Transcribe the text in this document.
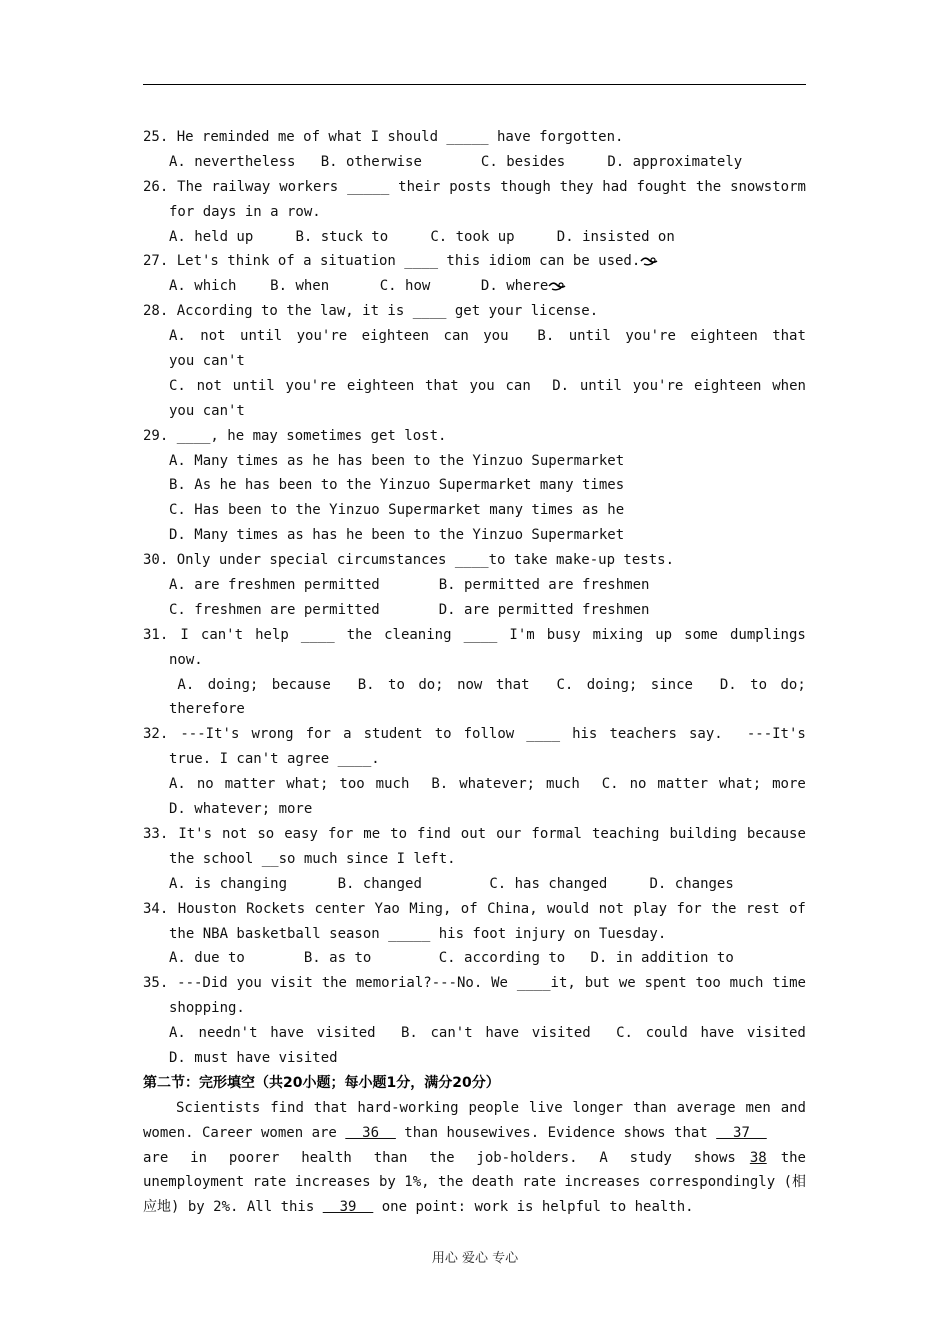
25. He reminded me of what I should _____ have forgotten.
A. nevertheless B. otherwise	C. besides	D. approximately
26. The railway workers _____ their posts though they had fought the snowstorm
for days in a row.
A. held up	B. stuck to	C. took up	D. insisted on
27. Let's think of a situation ____ this idiom can be used.
A. which B. when	C. how	D. where
28. According to the law, it is ____ get your license.
A. not until you're eighteen can you B. until you're eighteen that
you can't
C. not until you're eighteen that you can D. until you're eighteen when
you can't
29. ____, he may sometimes get lost.
A. Many times as he has been to the Yinzuo Supermarket
B. As he has been to the Yinzuo Supermarket many times
C. Has been to the Yinzuo Supermarket many times as he
D. Many times as has he been to the Yinzuo Supermarket
30. Only under special circumstances ____to take make-up tests.
A. are freshmen permitted	B. permitted are freshmen
C. freshmen are permitted	D. are permitted freshmen
31. I can't help ____ the cleaning ____ I'm busy mixing up some dumplings
now.
A. doing; because B. to do; now that C. doing; since D. to do;
therefore
32. ---It's wrong for a student to follow ____ his teachers say. ---It's
true. I can't agree ____.
A. no matter what; too much B. whatever; much C. no matter what; more
D. whatever; more
33. It's not so easy for me to find out our formal teaching building because
the school __so much since I left.
A. is changing	B. changed	C. has changed	D. changes
34. Houston Rockets center Yao Ming, of China, would not play for the rest of
the NBA basketball season _____ his foot injury on Tuesday.
A. due to	B. as to	C. according to D. in addition to
35. ---Did you visit the memorial?---No. We ____it, but we spent too much time
shopping.
A. needn't have visited B. can't have visited C. could have visited
D. must have visited
第二节：完形填空（共20小题；每小题1分，满分20分）
Scientists find that hard-working people live longer than average men and
women. Career women are   36   than housewives. Evidence shows that   37
are in poorer health than the job-holders. A study shows 38 the
unemployment rate increases by 1%, the death rate increases correspondingly (相
应地) by 2%. All this   39   one point: work is helpful to health.
用心 爱心 专心
